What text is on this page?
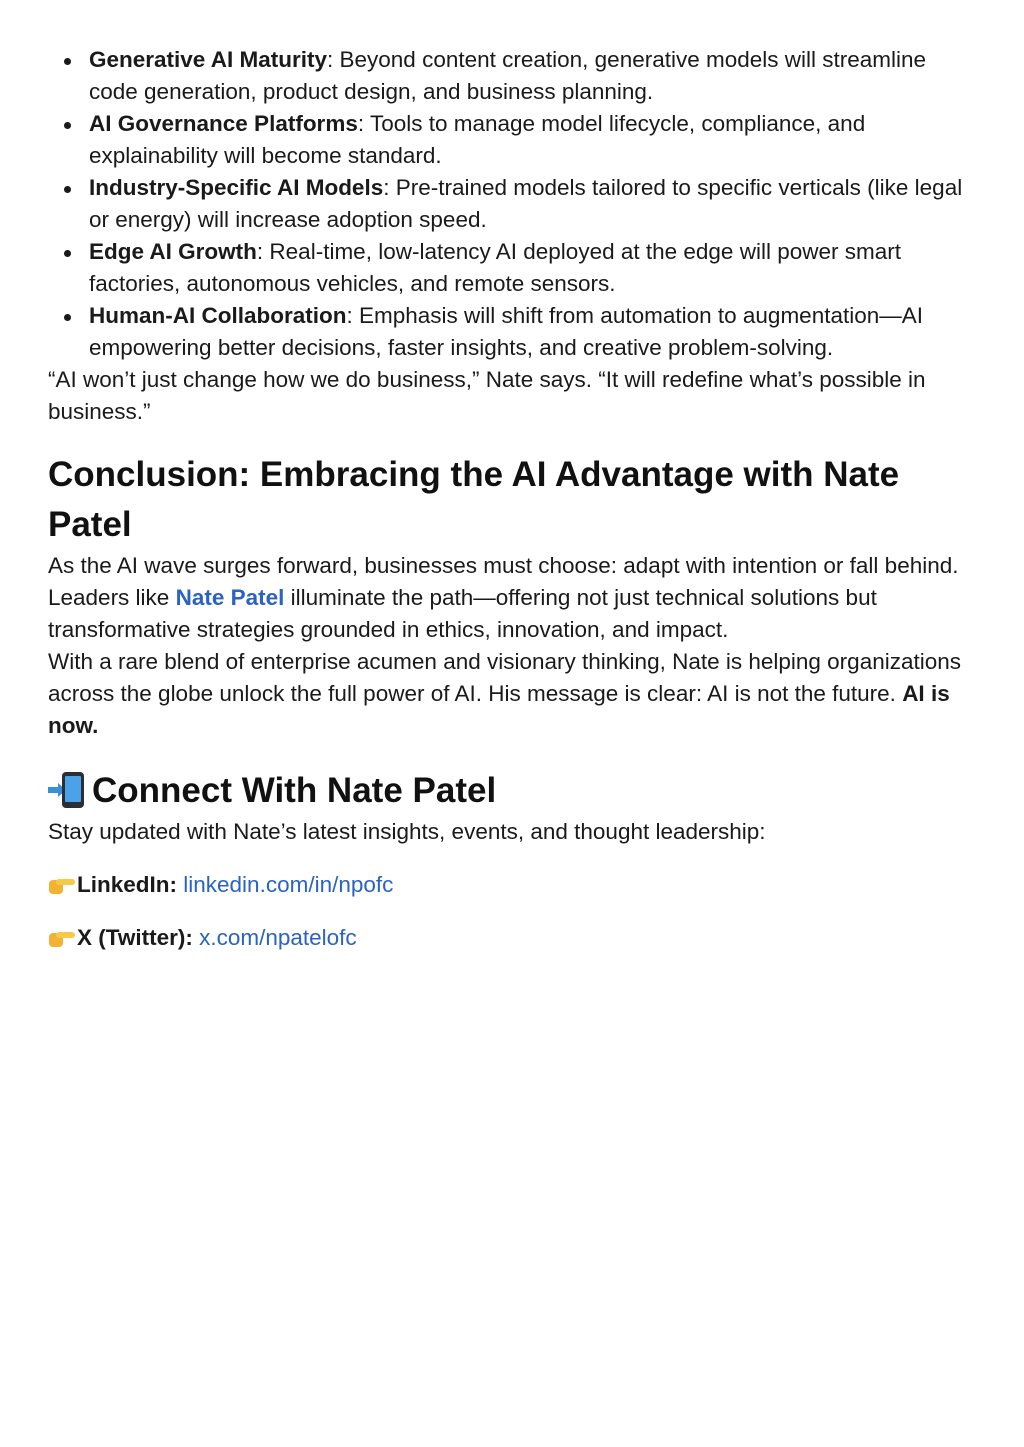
Generative AI Maturity: Beyond content creation, generative models will streamline code generation, product design, and business planning.
AI Governance Platforms: Tools to manage model lifecycle, compliance, and explainability will become standard.
Industry-Specific AI Models: Pre-trained models tailored to specific verticals (like legal or energy) will increase adoption speed.
Edge AI Growth: Real-time, low-latency AI deployed at the edge will power smart factories, autonomous vehicles, and remote sensors.
Human-AI Collaboration: Emphasis will shift from automation to augmentation—AI empowering better decisions, faster insights, and creative problem-solving.

“AI won’t just change how we do business,” Nate says. “It will redefine what’s possible in business.”

Conclusion: Embracing the AI Advantage with Nate Patel

As the AI wave surges forward, businesses must choose: adapt with intention or fall behind. Leaders like Nate Patel illuminate the path—offering not just technical solutions but transformative strategies grounded in ethics, innovation, and impact.

With a rare blend of enterprise acumen and visionary thinking, Nate is helping organizations across the globe unlock the full power of AI. His message is clear: AI is not the future. AI is now.

Connect With Nate Patel

Stay updated with Nate’s latest insights, events, and thought leadership:

LinkedIn:
linkedin.com/in/npofc
X (Twitter):
x.com/npatelofc
